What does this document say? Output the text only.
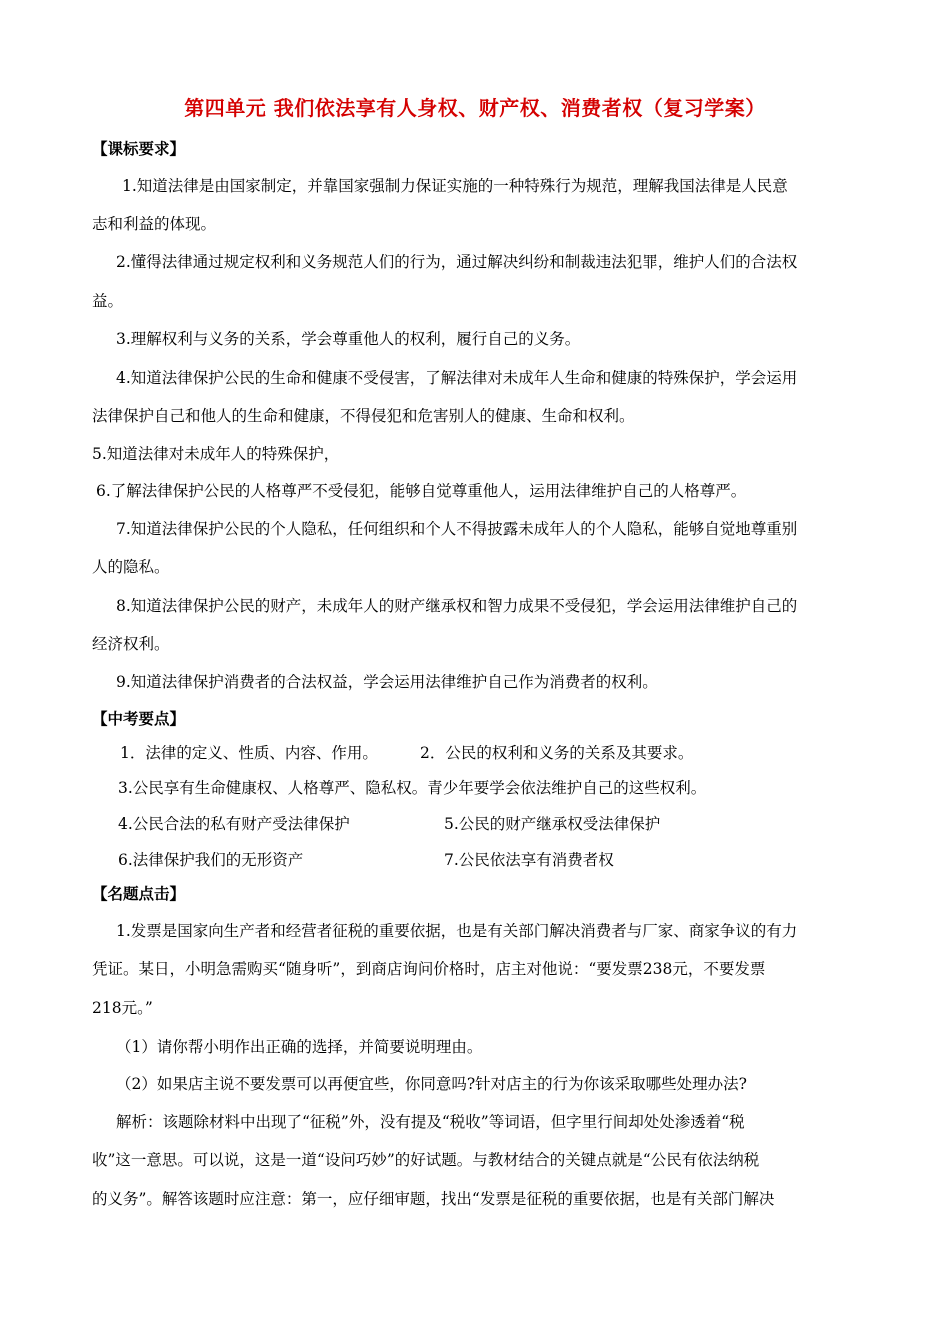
第四单元 我们依法享有人身权、财产权、消费者权（复习学案）
【课标要求】
1.知道法律是由国家制定，并靠国家强制力保证实施的一种特殊行为规范，理解我国法律是人民意
志和利益的体现。
2.懂得法律通过规定权利和义务规范人们的行为，通过解决纠纷和制裁违法犯罪，维护人们的合法权
益。
3.理解权利与义务的关系，学会尊重他人的权利，履行自己的义务。
4.知道法律保护公民的生命和健康不受侵害，了解法律对未成年人生命和健康的特殊保护，学会运用
法律保护自己和他人的生命和健康，不得侵犯和危害别人的健康、生命和权利。
5.知道法律对未成年人的特殊保护，
6.了解法律保护公民的人格尊严不受侵犯，能够自觉尊重他人，运用法律维护自己的人格尊严。
7.知道法律保护公民的个人隐私，任何组织和个人不得披露未成年人的个人隐私，能够自觉地尊重别
人的隐私。
8.知道法律保护公民的财产，未成年人的财产继承权和智力成果不受侵犯，学会运用法律维护自己的
经济权利。
9.知道法律保护消费者的合法权益，学会运用法律维护自己作为消费者的权利。
【中考要点】
1．法律的定义、性质、内容、作用。	2．公民的权利和义务的关系及其要求。
3.公民享有生命健康权、人格尊严、隐私权。青少年要学会依法维护自己的这些权利。
4.公民合法的私有财产受法律保护	5.公民的财产继承权受法律保护
6.法律保护我们的无形资产	7.公民依法享有消费者权
【名题点击】
1.发票是国家向生产者和经营者征税的重要依据，也是有关部门解决消费者与厂家、商家争议的有力
凭证。某日，小明急需购买“随身听”，到商店询问价格时，店主对他说：“要发票238元，不要发票
218元。”
（1）请你帮小明作出正确的选择，并简要说明理由。
（2）如果店主说不要发票可以再便宜些，你同意吗?针对店主的行为你该采取哪些处理办法?
解析：该题除材料中出现了“征税”外，没有提及“税收”等词语，但字里行间却处处渗透着“税
收”这一意思。可以说，这是一道“设问巧妙”的好试题。与教材结合的关键点就是“公民有依法纳税
的义务”。解答该题时应注意：第一，应仔细审题，找出“发票是征税的重要依据，也是有关部门解决
